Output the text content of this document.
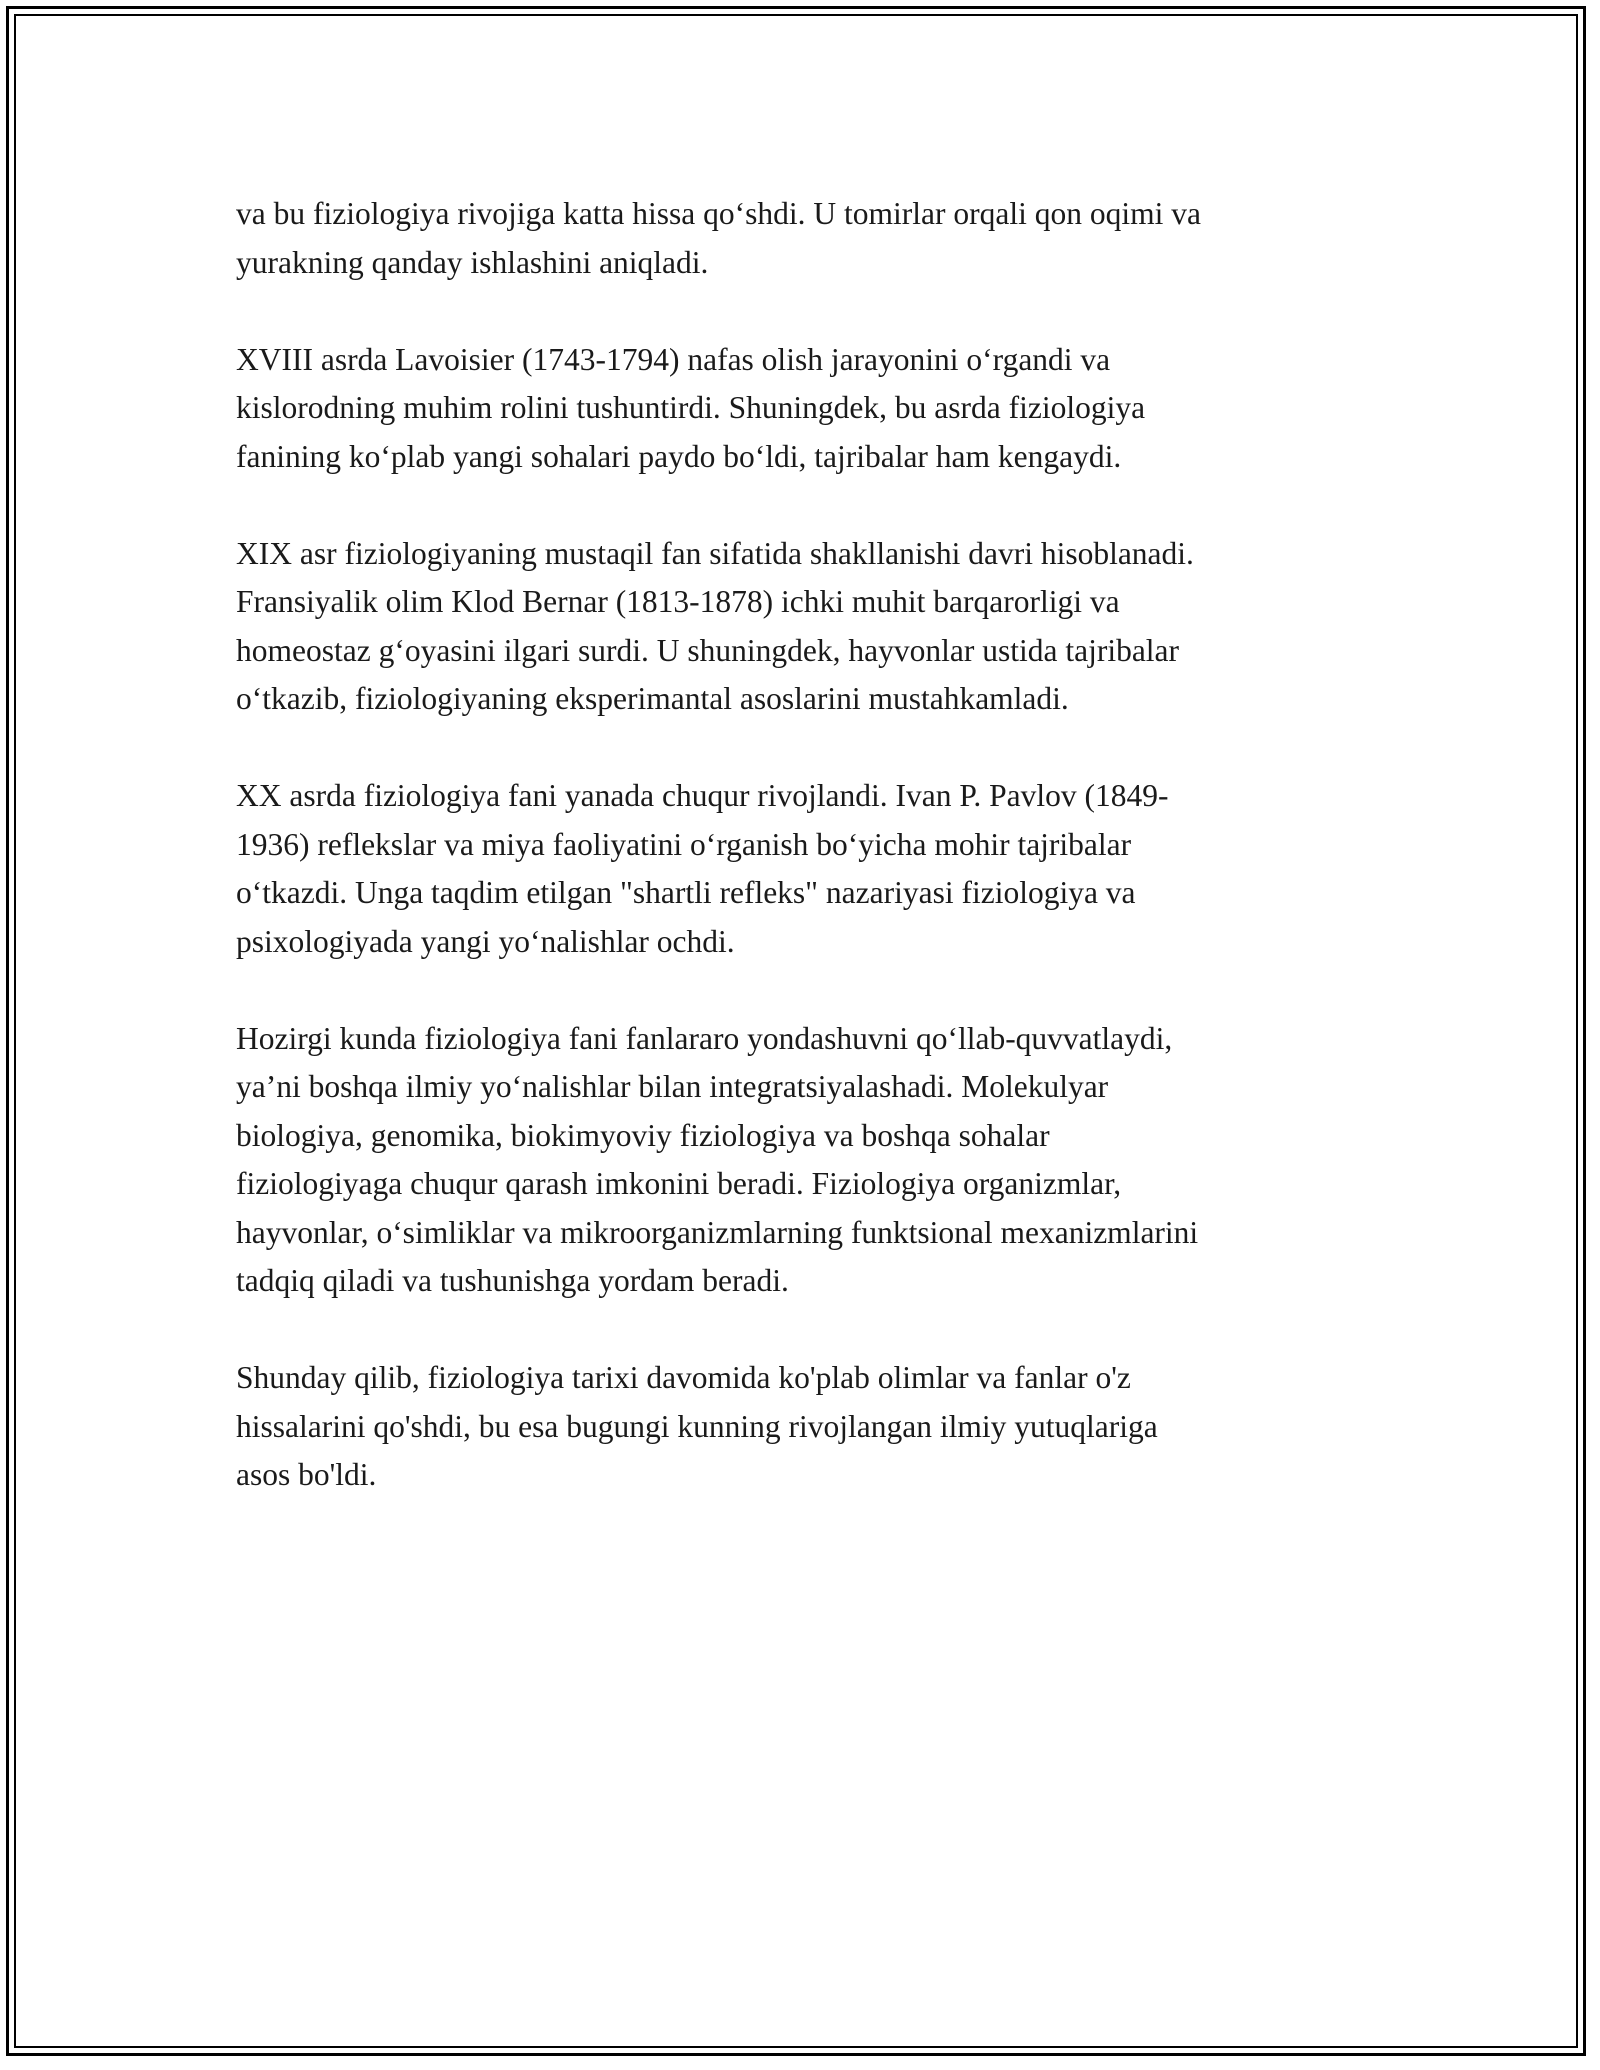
va bu fiziologiya rivojiga katta hissa qo‘shdi. U tomirlar orqali qon oqimi va
yurakning qanday ishlashini aniqladi.

XVIII asrda Lavoisier (1743-1794) nafas olish jarayonini o‘rgandi va
kislorodning muhim rolini tushuntirdi. Shuningdek, bu asrda fiziologiya
fanining ko‘plab yangi sohalari paydo bo‘ldi, tajribalar ham kengaydi.

XIX asr fiziologiyaning mustaqil fan sifatida shakllanishi davri hisoblanadi.
Fransiyalik olim Klod Bernar (1813-1878) ichki muhit barqarorligi va
homeostaz g‘oyasini ilgari surdi. U shuningdek, hayvonlar ustida tajribalar
o‘tkazib, fiziologiyaning eksperimantal asoslarini mustahkamladi.

XX asrda fiziologiya fani yanada chuqur rivojlandi. Ivan P. Pavlov (1849-
1936) reflekslar va miya faoliyatini o‘rganish bo‘yicha mohir tajribalar
o‘tkazdi. Unga taqdim etilgan "shartli refleks" nazariyasi fiziologiya va
psixologiyada yangi yo‘nalishlar ochdi.

Hozirgi kunda fiziologiya fani fanlararo yondashuvni qo‘llab-quvvatlaydi,
ya’ni boshqa ilmiy yo‘nalishlar bilan integratsiyalashadi. Molekulyar
biologiya, genomika, biokimyoviy fiziologiya va boshqa sohalar
fiziologiyaga chuqur qarash imkonini beradi. Fiziologiya organizmlar,
hayvonlar, o‘simliklar va mikroorganizmlarning funktsional mexanizmlarini
tadqiq qiladi va tushunishga yordam beradi.

Shunday qilib, fiziologiya tarixi davomida ko'plab olimlar va fanlar o'z
hissalarini qo'shdi, bu esa bugungi kunning rivojlangan ilmiy yutuqlariga
asos bo'ldi.
